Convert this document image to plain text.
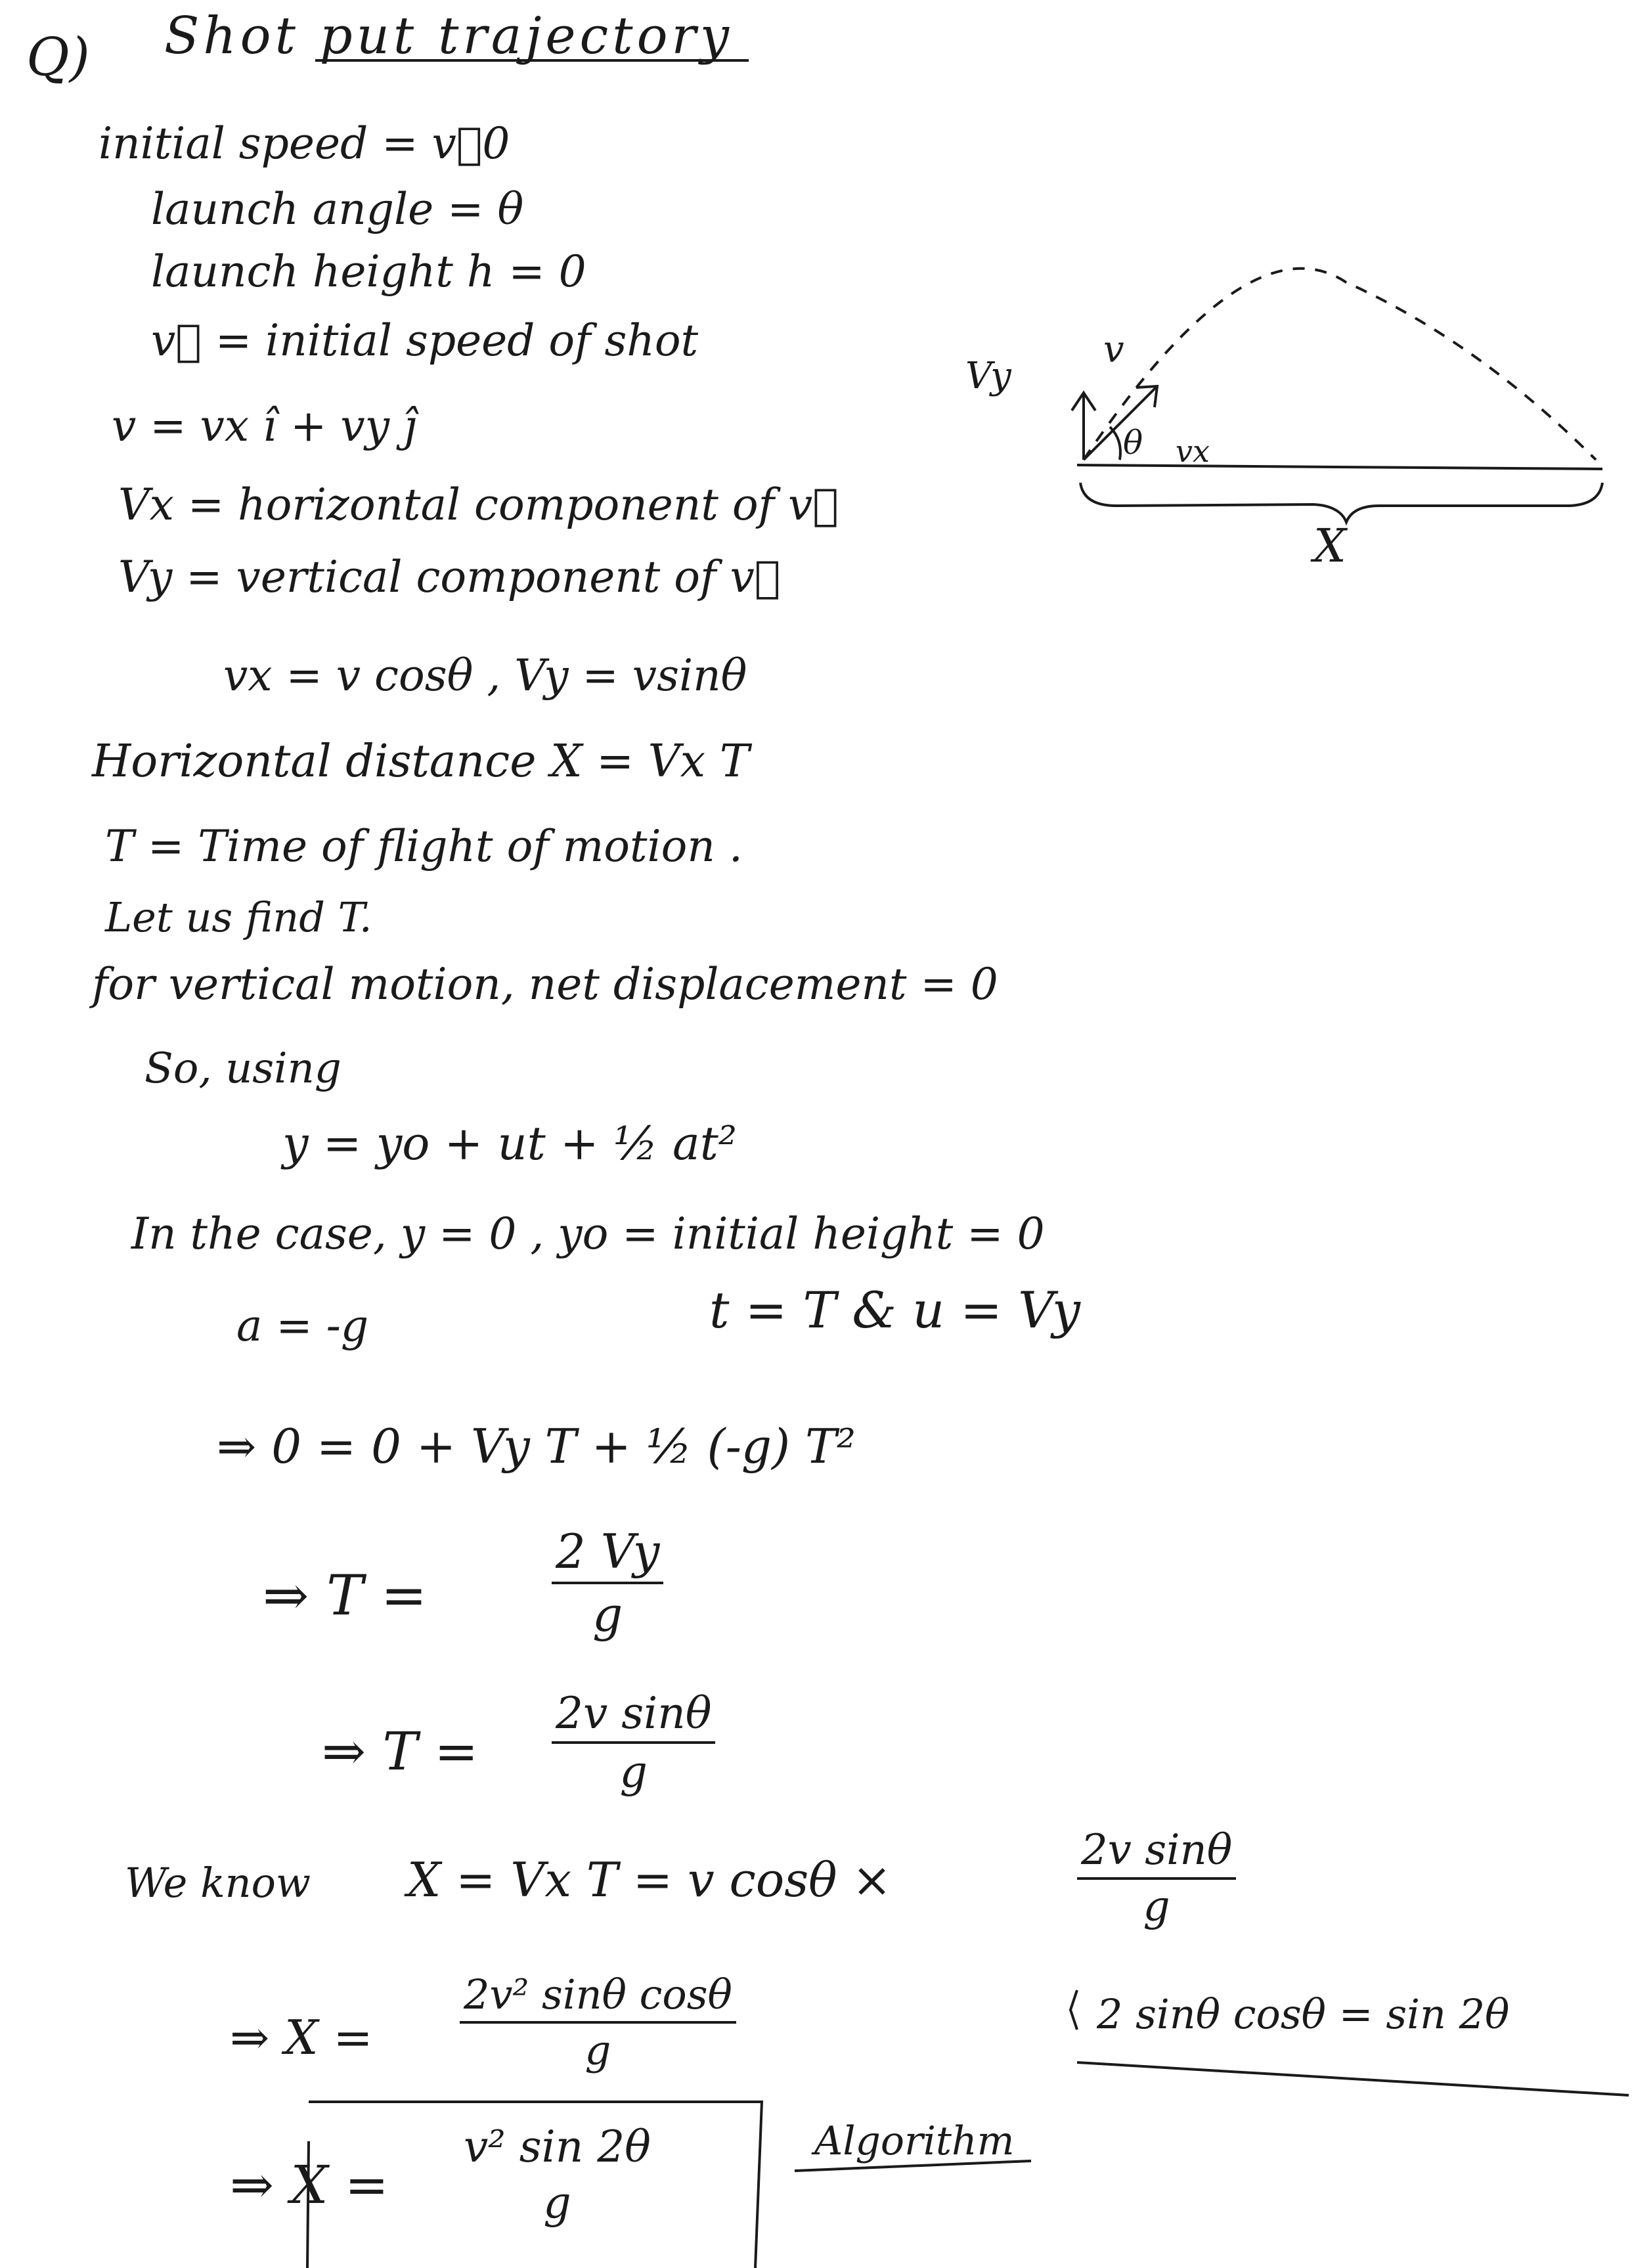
Q) Shot put trajectory
initial speed = v⃗0
launch angle = θ
launch height h = 0
v⃗ = initial speed of shot
v = vx î + vy ĵ
Vx = horizontal component of v⃗
Vy = vertical component of v⃗
vx = v cosθ , Vy = vsinθ
Vy
v
θ vx
X
Horizontal distance X = Vx T
T = Time of flight of motion .
Let us find T.
for vertical motion, net displacement = 0
So, using
y = yo + ut + ½ at²
In the case, y = 0 , yo = initial height = 0
a = -g	t = T & u = Vy
⇒ 0 = 0 + Vy T + ½ (-g) T²
⇒ T =	$\frac{2 Vy}{g}$
⇒ $T = \frac{\text{2v sinθ}}{g}$
We know X = Vx T = v cosθ ×	$\frac{\text{2v sinθ}}{g}$
⇒ $X = \frac{\text{2v² sinθ cosθ}}{g}$	2 sinθ cosθ = sin 2θ
⇒ X =
v² sin 2θ
g
Algorithm
